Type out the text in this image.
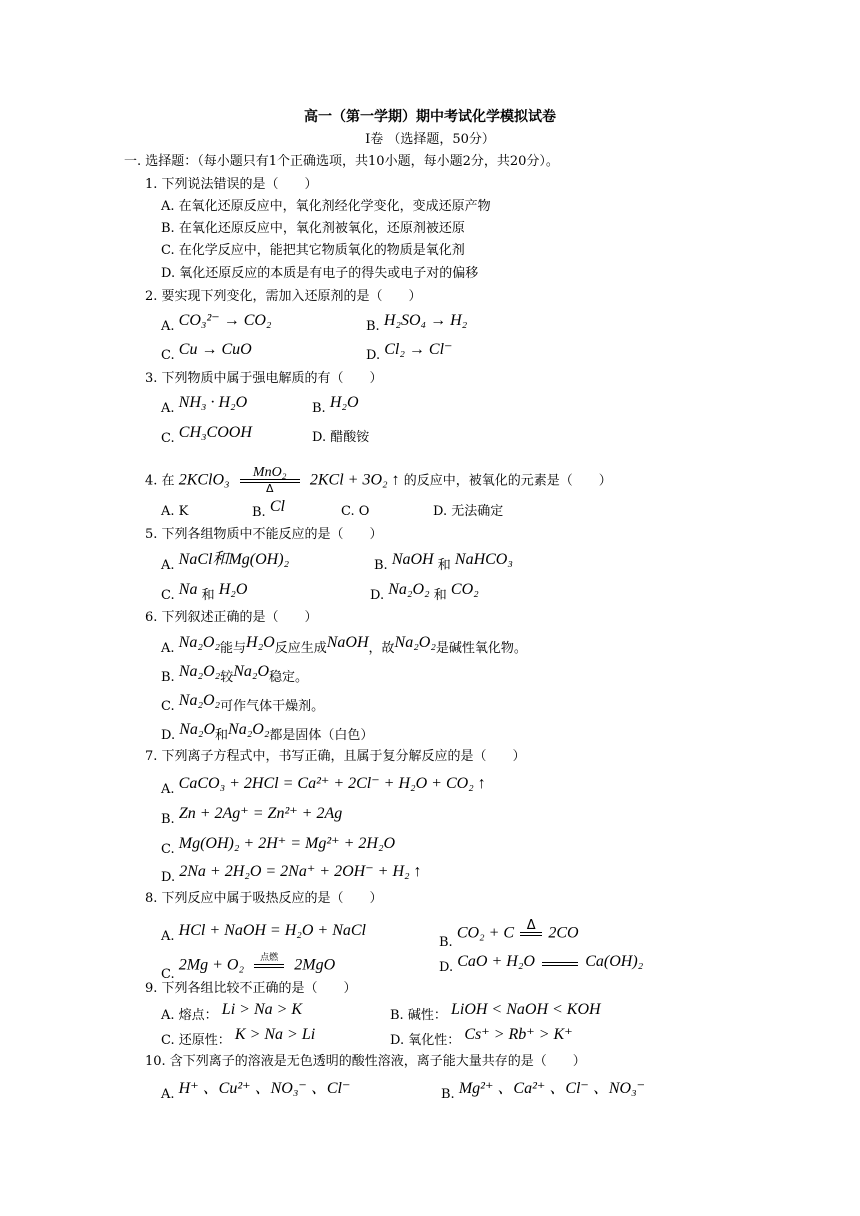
高一（第一学期）期中考试化学模拟试卷
Ⅰ卷 （选择题，50分）
一. 选择题：（每小题只有1个正确选项，共10小题，每小题2分，共20分）。
1. 下列说法错误的是（　　）
A. 在氧化还原反应中，氧化剂经化学变化，变成还原产物
B. 在氧化还原反应中，氧化剂被氧化，还原剂被还原
C. 在化学反应中，能把其它物质氧化的物质是氧化剂
D. 氧化还原反应的本质是有电子的得失或电子对的偏移
2. 要实现下列变化，需加入还原剂的是（　　）
A. CO₃²⁻ → CO₂	B. H₂SO₄ → H₂
C. Cu → CuO	D. Cl₂ → Cl⁻
3. 下列物质中属于强电解质的有（　　）
A. NH₃ · H₂O	B. H₂O
C. CH₃COOH	D. 醋酸铵
4. 在 2KClO₃	MnO₂
Δ	2KCl + 3O₂ ↑ 的反应中，被氧化的元素是（　　）
A. K	B. Cl	C. O	D. 无法确定
5. 下列各组物质中不能反应的是（　　）
A. NaCl和Mg(OH)₂	B. NaOH 和 NaHCO₃
C. Na 和 H₂O	D. Na₂O₂ 和 CO₂
6. 下列叙述正确的是（　　）
A. Na₂O₂能与H₂O反应生成NaOH，故Na₂O₂是碱性氧化物。
B. Na₂O₂较Na₂O稳定。
C. Na₂O₂可作气体干燥剂。
D. Na₂O和Na₂O₂都是固体（白色）
7. 下列离子方程式中，书写正确，且属于复分解反应的是（　　）
A. CaCO₃ + 2HCl = Ca²⁺ + 2Cl⁻ + H₂O + CO₂ ↑
B. Zn + 2Ag⁺ = Zn²⁺ + 2Ag
C. Mg(OH)₂ + 2H⁺ = Mg²⁺ + 2H₂O
D. 2Na + 2H₂O = 2Na⁺ + 2OH⁻ + H₂ ↑
8. 下列反应中属于吸热反应的是（　　）
A. HCl + NaOH = H₂O + NaCl
B. CO₂ + C Δ 2CO
C. 2Mg + O₂	点燃	2MgO	D. CaO + H₂O	Ca(OH)₂
9. 下列各组比较不正确的是（　　）
A. 熔点： Li > Na > K	B. 碱性： LiOH < NaOH < KOH
C. 还原性： K > Na > Li	D. 氧化性： Cs⁺ > Rb⁺ > K⁺
10. 含下列离子的溶液是无色透明的酸性溶液，离子能大量共存的是（　　）
A. H⁺ 、Cu²⁺ 、NO₃⁻ 、Cl⁻	B. Mg²⁺ 、Ca²⁺ 、Cl⁻ 、NO₃⁻
